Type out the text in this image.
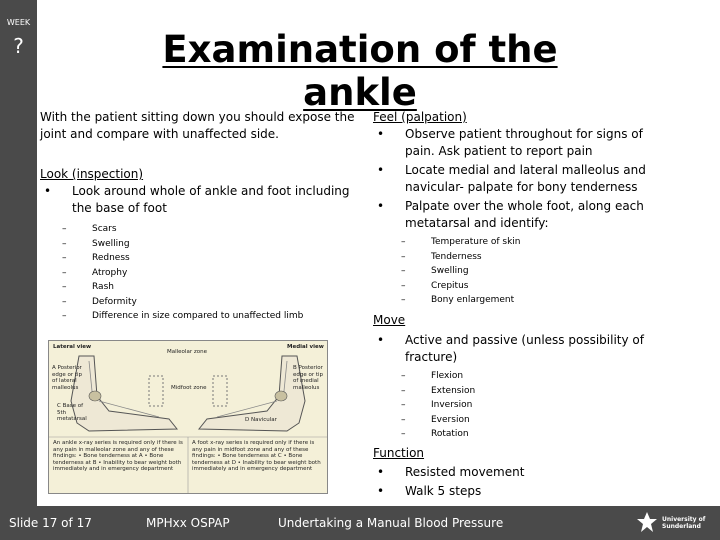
WEEK
?	Examination of the ankle
With the patient sitting down you should expose the joint and compare with unaffected side.
Look (inspection)
•	Look around whole of ankle and foot including the base of foot
–	Scars
–	Swelling
–	Redness
–	Atrophy
–	Rash
–	Deformity
–	Difference in size compared to unaffected limb
Lateral view	Medial view
Malleolar zone
Midfoot zone
A Posterior edge or tip of lateral malleolus
B Posterior edge or tip of medial malleolus
C Base of 5th metatarsal	D Navicular
An ankle x-ray series is required only if there is any pain in malleolar zone and any of these findings: • Bone tenderness at A • Bone tenderness at B • Inability to bear weight both immediately and in emergency department
A foot x-ray series is required only if there is any pain in midfoot zone and any of these findings: • Bone tenderness at C • Bone tenderness at D • Inability to bear weight both immediately and in emergency department
Feel (palpation)
•	Observe patient throughout for signs of pain. Ask patient to report pain
•	Locate medial and lateral malleolus and navicular- palpate for bony tenderness
•	Palpate over the whole foot, along each metatarsal and identify:
–	Temperature of skin
–	Tenderness
–	Swelling
–	Crepitus
–	Bony enlargement
Move
•	Active and passive (unless possibility of fracture)
–	Flexion
–	Extension
–	Inversion
–	Eversion
–	Rotation
Function
•	Resisted movement
•	Walk 5 steps
Slide 17 of 17	MPHxx OSPAP	Undertaking a Manual Blood Pressure	University of Sunderland
